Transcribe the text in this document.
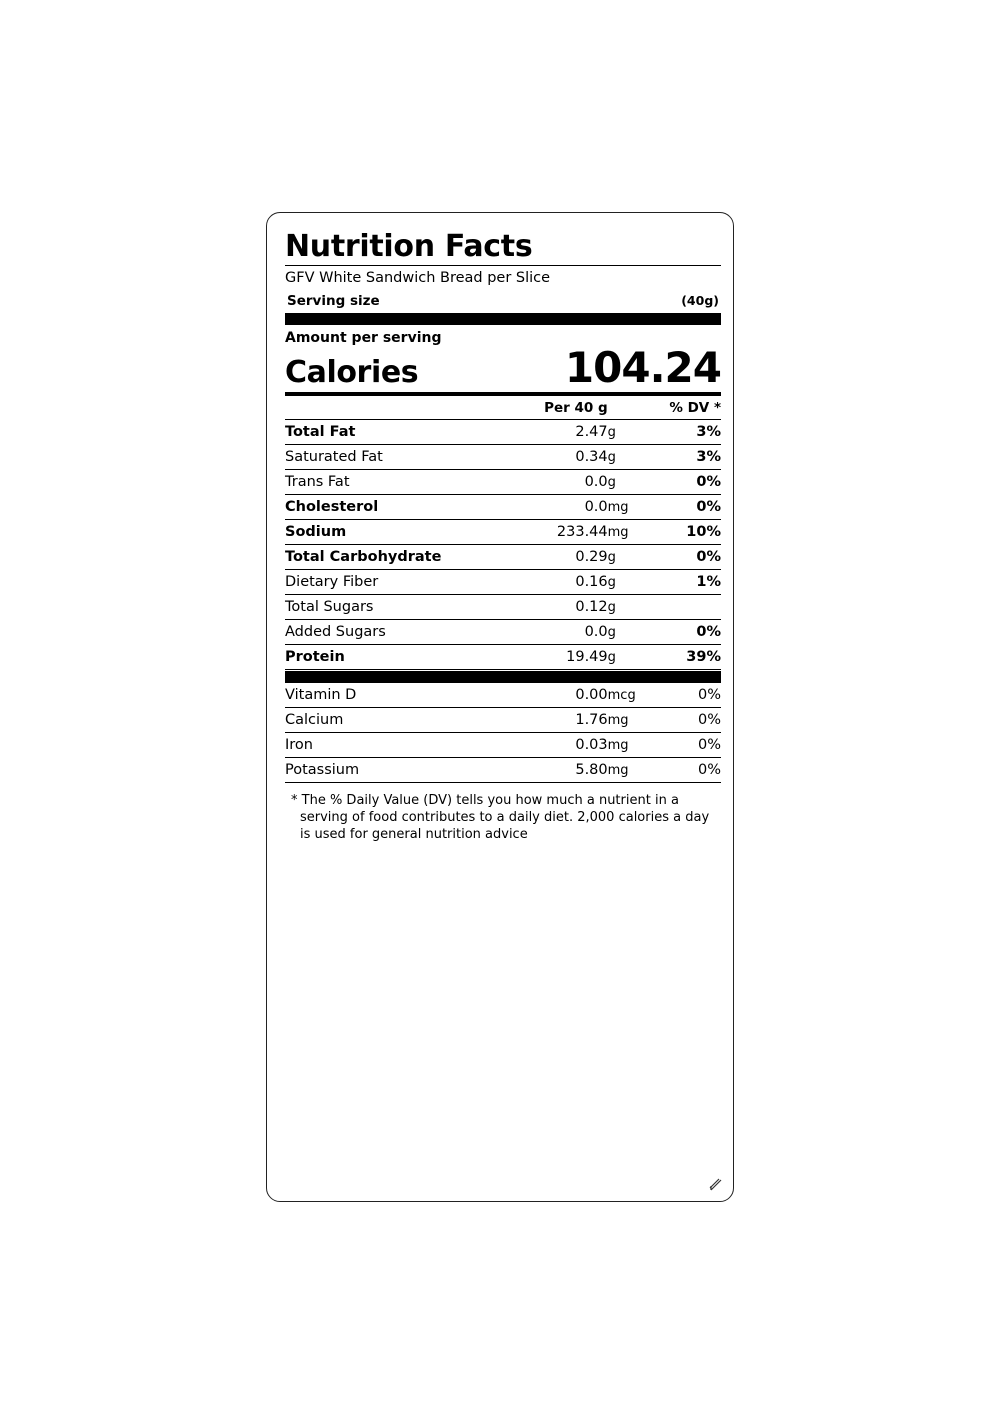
Nutrition Facts
GFV White Sandwich Bread per Slice
Serving size	(40g)
Amount per serving
Calories	104.24
	Per 40 g		% DV *
Total Fat	2.47	g	3%
Saturated Fat	0.34	g	3%
Trans Fat	0.0	g	0%
Cholesterol	0.0	mg	0%
Sodium	233.44	mg	10%
Total Carbohydrate	0.29	g	0%
Dietary Fiber	0.16	g	1%
Total Sugars	0.12	g	
Added Sugars	0.0	g	0%
Protein	19.49	g	39%
Vitamin D	0.00	mcg	0%
Calcium	1.76	mg	0%
Iron	0.03	mg	0%
Potassium	5.80	mg	0%
* The % Daily Value (DV) tells you how much a nutrient in a serving of food contributes to a daily diet. 2,000 calories a day is used for general nutrition advice
